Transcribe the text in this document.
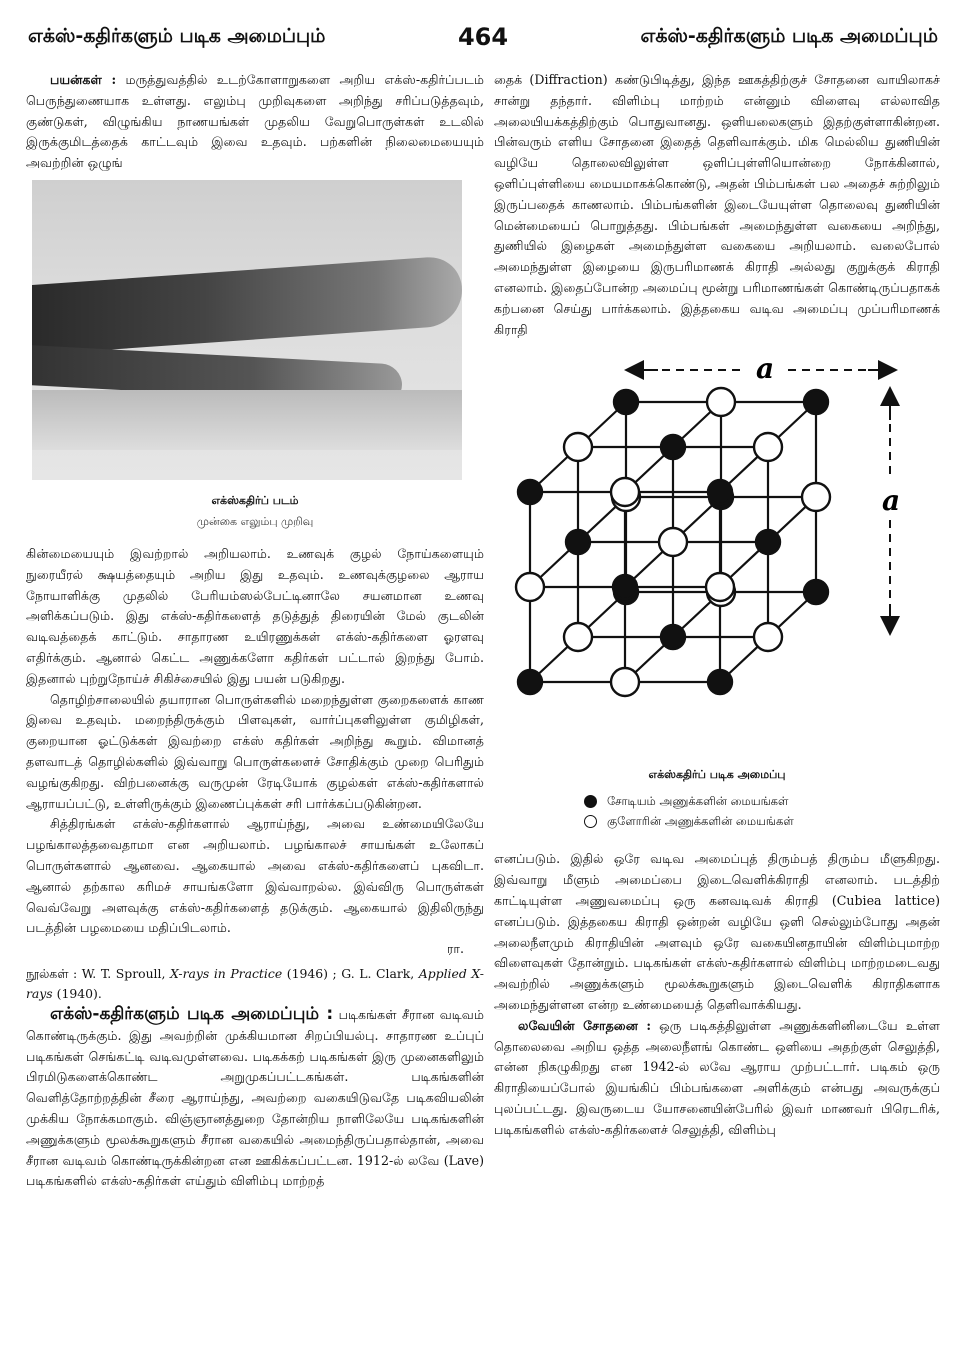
எக்ஸ்-கதிர்களும் படிக அமைப்பும்	464	எக்ஸ்-கதிர்களும் படிக அமைப்பும்

பயன்கள் : மருத்துவத்தில் உடற்கோளாறுகளை அறிய எக்ஸ்-கதிர்ப்படம் பெருந்துணையாக உள்ளது. எலும்பு முறிவுகளை அறிந்து சரிப்படுத்தவும், குண்டுகள், விழுங்கிய நாணயங்கள் முதலிய வேறுபொருள்கள் உடலில் இருக்குமிடத்தைக் காட்டவும் இவை உதவும். பற்களின் நிலைமையையும் அவற்றின் ஒழுங்

எக்ஸ்கதிர்ப் படம்
முன்கை எலும்பு முறிவு

கின்மையையும் இவற்றால் அறியலாம். உணவுக் குழல் நோய்களையும் நுரையீரல் க்ஷயத்தையும் அறிய இது உதவும். உணவுக்குழலை ஆராய நோயாளிக்கு முதலில் பேரியம்ஸல்பேட்டினாலே சயனமான உணவு அளிக்கப்படும். இது எக்ஸ்-கதிர்களைத் தடுத்துத் திரையின் மேல் குடலின் வடிவத்தைக் காட்டும். சாதாரண உயிரணுக்கள் எக்ஸ்-கதிர்களை ஓரளவு எதிர்க்கும். ஆனால் கெட்ட அணுக்களோ கதிர்கள் பட்டால் இறந்து போம். இதனால் புற்றுநோய்ச் சிகிச்சையில் இது பயன் படுகிறது.

தொழிற்சாலையில் தயாரான பொருள்களில் மறைந்துள்ள குறைகளைக் காண இவை உதவும். மறைந்திருக்கும் பிளவுகள், வார்ப்புகளிலுள்ள குமிழிகள், குறையான ஓட்டுக்கள் இவற்றை எக்ஸ் கதிர்கள் அறிந்து கூறும். விமானத் தளவாடத் தொழில்களில் இவ்வாறு பொருள்களைச் சோதிக்கும் முறை பெரிதும் வழங்குகிறது. விற்பனைக்கு வருமுன் ரேடியோக் குழல்கள் எக்ஸ்-கதிர்களால் ஆராயப்பட்டு, உள்ளிருக்கும் இணைப்புக்கள் சரி பார்க்கப்படுகின்றன.

சித்திரங்கள் எக்ஸ்-கதிர்களால் ஆராய்ந்து, அவை உண்மையிலேயே பழங்காலத்தவைதாமா என அறியலாம். பழங்காலச் சாயங்கள் உலோகப் பொருள்களால் ஆனவை. ஆகையால் அவை எக்ஸ்-கதிர்களைப் புகவிடா. ஆனால் தற்கால கரிமச் சாயங்களோ இவ்வாறல்ல. இவ்விரு பொருள்கள் வெவ்வேறு அளவுக்கு எக்ஸ்-கதிர்களைத் தடுக்கும். ஆகையால் இதிலிருந்து படத்தின் பழமையை மதிப்பிடலாம்.

ரா.

நூல்கள் : W. T. Sproull, X-rays in Practice (1946) ; G. L. Clark, Applied X-rays (1940).

எக்ஸ்-கதிர்களும் படிக அமைப்பும் : படிகங்கள் சீரான வடிவம் கொண்டிருக்கும். இது அவற்றின் முக்கியமான சிறப்பியல்பு. சாதாரண உப்புப் படிகங்கள் செங்கட்டி வடிவமுள்ளவை. படிகக்கற் படிகங்கள் இரு முனைகளிலும் பிரமிடுகளைக்கொண்ட அறுமுகப்பட்டகங்கள். படிகங்களின் வெளித்தோற்றத்தின் சீரை ஆராய்ந்து, அவற்றை வகையிடுவதே படிகவியலின் முக்கிய நோக்கமாகும். விஞ்ஞானத்துறை தோன்றிய நாளிலேயே படிகங்களின் அணுக்களும் மூலக்கூறுகளும் சீரான வகையில் அமைந்திருப்பதால்தான், அவை சீரான வடிவம் கொண்டிருக்கின்றன என ஊகிக்கப்பட்டன. 1912-ல் லவே (Lave) படிகங்களில் எக்ஸ்-கதிர்கள் எய்தும் விளிம்பு மாற்றத்

தைக் (Diffraction) கண்டுபிடித்து, இந்த ஊகத்திற்குச் சோதனை வாயிலாகச் சான்று தந்தார். விளிம்பு மாற்றம் என்னும் விளைவு எல்லாவித அலையியக்கத்திற்கும் பொதுவானது. ஒளியலைகளும் இதற்குள்ளாகின்றன. பின்வரும் எளிய சோதனை இதைத் தெளிவாக்கும். மிக மெல்லிய துணியின் வழியே தொலைவிலுள்ள ஒளிப்புள்ளியொன்றை நோக்கினால், ஒளிப்புள்ளியை மையமாகக்கொண்டு, அதன் பிம்பங்கள் பல அதைச் சுற்றிலும் இருப்பதைக் காணலாம். பிம்பங்களின் இடையேயுள்ள தொலைவு துணியின் மென்மையைப் பொறுத்தது. பிம்பங்கள் அமைந்துள்ள வகையை அறிந்து, துணியில் இழைகள் அமைந்துள்ள வகையை அறியலாம். வலைபோல் அமைந்துள்ள இழையை இருபரிமாணக் கிராதி அல்லது குறுக்குக் கிராதி எனலாம். இதைப்போன்ற அமைப்பு மூன்று பரிமாணங்கள் கொண்டிருப்பதாகக் கற்பனை செய்து பார்க்கலாம். இத்தகைய வடிவ அமைப்பு முப்பரிமாணக் கிராதி

a
a
எக்ஸ்கதிர்ப் படிக அமைப்பு
சோடியம் அணுக்களின் மையங்கள்
குளோரின் அணுக்களின் மையங்கள்

எனப்படும். இதில் ஒரே வடிவ அமைப்புத் திரும்பத் திரும்ப மீளுகிறது. இவ்வாறு மீளும் அமைப்பை இடைவெளிக்கிராதி எனலாம். படத்திற் காட்டியுள்ள அணுவமைப்பு ஒரு கனவடிவக் கிராதி (Cubiea lattice) எனப்படும். இத்தகைய கிராதி ஒன்றன் வழியே ஒளி செல்லும்போது அதன் அலைநீளமும் கிராதியின் அளவும் ஒரே வகையினதாயின் விளிம்புமாற்ற விளைவுகள் தோன்றும். படிகங்கள் எக்ஸ்-கதிர்களால் விளிம்பு மாற்றமடைவது அவற்றில் அணுக்களும் மூலக்கூறுகளும் இடைவெளிக் கிராதிகளாக அமைந்துள்ளன என்ற உண்மையைத் தெளிவாக்கியது.

லவேயின் சோதனை : ஒரு படிகத்திலுள்ள அணுக்களினிடையே உள்ள தொலைவை அறிய ஒத்த அலைநீளங் கொண்ட ஒளியை அதற்குள் செலுத்தி, என்ன நிகழுகிறது என 1942-ல் லவே ஆராய முற்பட்டார். படிகம் ஒரு கிராதியைப்போல் இயங்கிப் பிம்பங்களை அளிக்கும் என்பது அவருக்குப் புலப்பட்டது. இவருடைய யோசனையின்பேரில் இவர் மாணவர் பிரெடரிக், படிகங்களில் எக்ஸ்-கதிர்களைச் செலுத்தி, விளிம்பு
